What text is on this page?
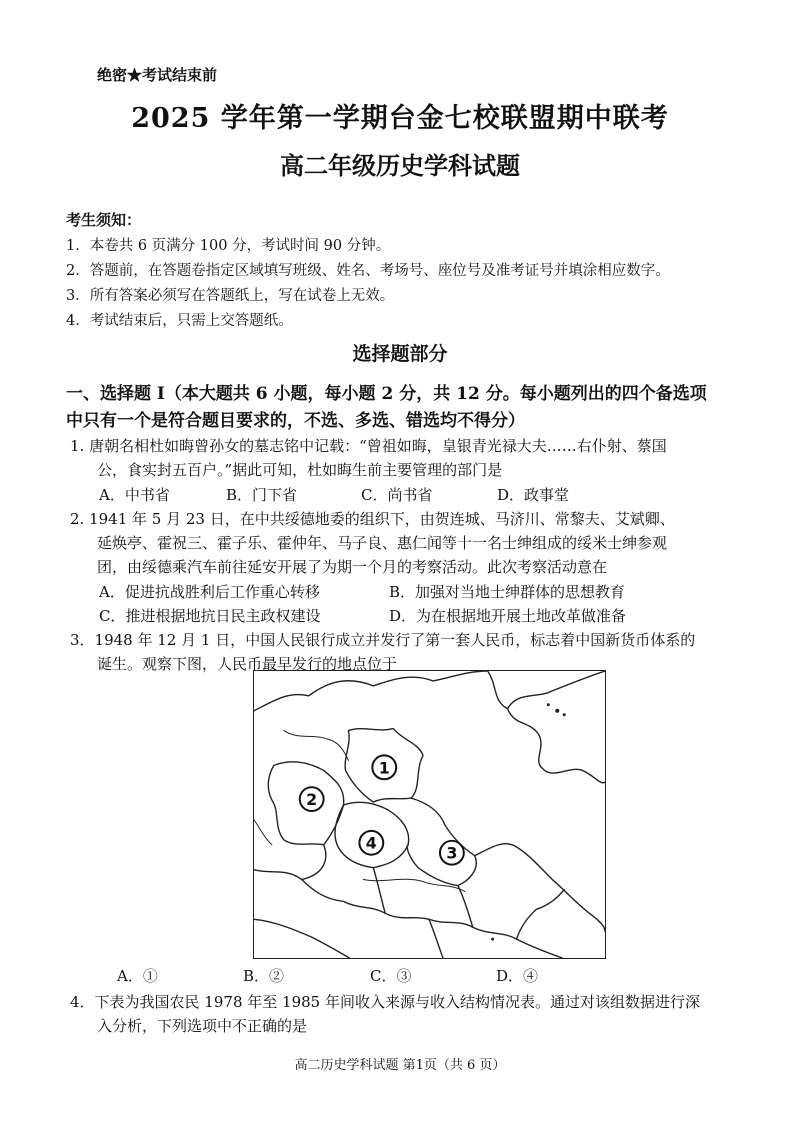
绝密★考试结束前
2025 学年第一学期台金七校联盟期中联考
高二年级历史学科试题
考生须知：
1．本卷共 6 页满分 100 分，考试时间 90 分钟。
2．答题前，在答题卷指定区域填写班级、姓名、考场号、座位号及准考证号并填涂相应数字。
3．所有答案必须写在答题纸上，写在试卷上无效。
4．考试结束后，只需上交答题纸。
选择题部分
一、选择题 I（本大题共 6 小题，每小题 2 分，共 12 分。每小题列出的四个备选项
中只有一个是符合题目要求的，不选、多选、错选均不得分）
1. 唐朝名相杜如晦曾孙女的墓志铭中记载：“曾祖如晦，皇银青光禄大夫……右仆射、蔡国
公，食实封五百户。”据此可知，杜如晦生前主要管理的部门是
A．中书省	B．门下省	C．尚书省	D．政事堂
2. 1941 年 5 月 23 日，在中共绥德地委的组织下，由贺连城、马济川、常黎夫、艾斌卿、
延焕亭、霍祝三、霍子乐、霍仲年、马子良、惠仁闻等十一名士绅组成的绥米士绅参观
团，由绥德乘汽车前往延安开展了为期一个月的考察活动。此次考察活动意在
A．促进抗战胜利后工作重心转移	B．加强对当地士绅群体的思想教育
C．推进根据地抗日民主政权建设	D．为在根据地开展土地改革做准备
3．1948 年 12 月 1 日，中国人民银行成立并发行了第一套人民币，标志着中国新货币体系的
诞生。观察下图，人民币最早发行的地点位于
1
2
3
4
A．①	B．②	C．③	D．④
4．下表为我国农民 1978 年至 1985 年间收入来源与收入结构情况表。通过对该组数据进行深
入分析，下列选项中不正确的是
高二历史学科试题 第1页（共 6 页）
